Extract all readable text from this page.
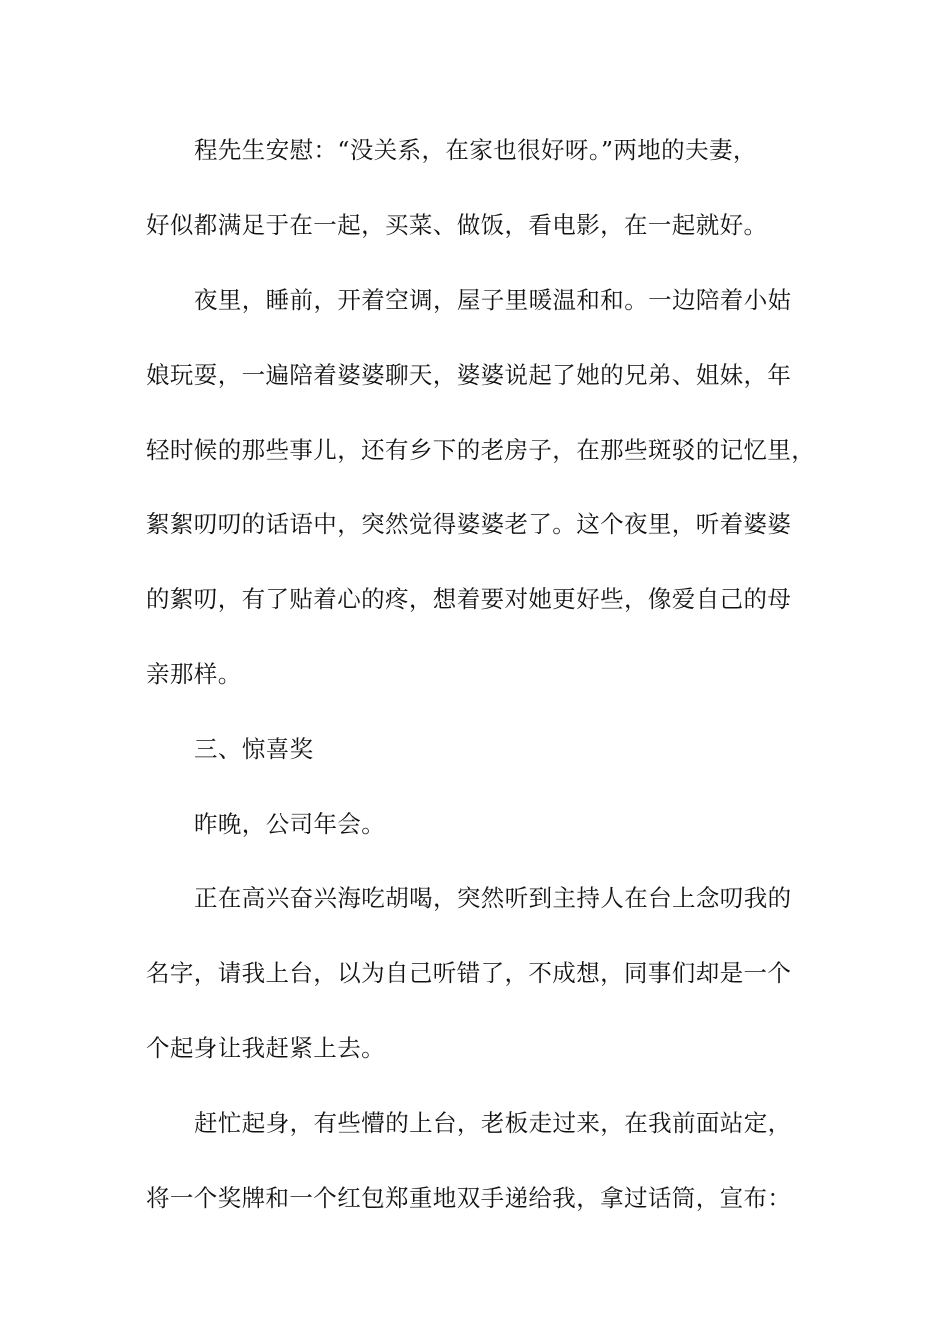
程先生安慰：“没关系，在家也很好呀。”两地的夫妻，
好似都满足于在一起，买菜、做饭，看电影，在一起就好。
夜里，睡前，开着空调，屋子里暖温和和。一边陪着小姑
娘玩耍，一遍陪着婆婆聊天，婆婆说起了她的兄弟、姐妹，年
轻时候的那些事儿，还有乡下的老房子，在那些斑驳的记忆里，
絮絮叨叨的话语中，突然觉得婆婆老了。这个夜里，听着婆婆
的絮叨，有了贴着心的疼，想着要对她更好些，像爱自己的母
亲那样。
三、惊喜奖
昨晚，公司年会。
正在高兴奋兴海吃胡喝，突然听到主持人在台上念叨我的
名字，请我上台，以为自己听错了，不成想，同事们却是一个
个起身让我赶紧上去。
赶忙起身，有些懵的上台，老板走过来，在我前面站定，
将一个奖牌和一个红包郑重地双手递给我，拿过话筒，宣布：
